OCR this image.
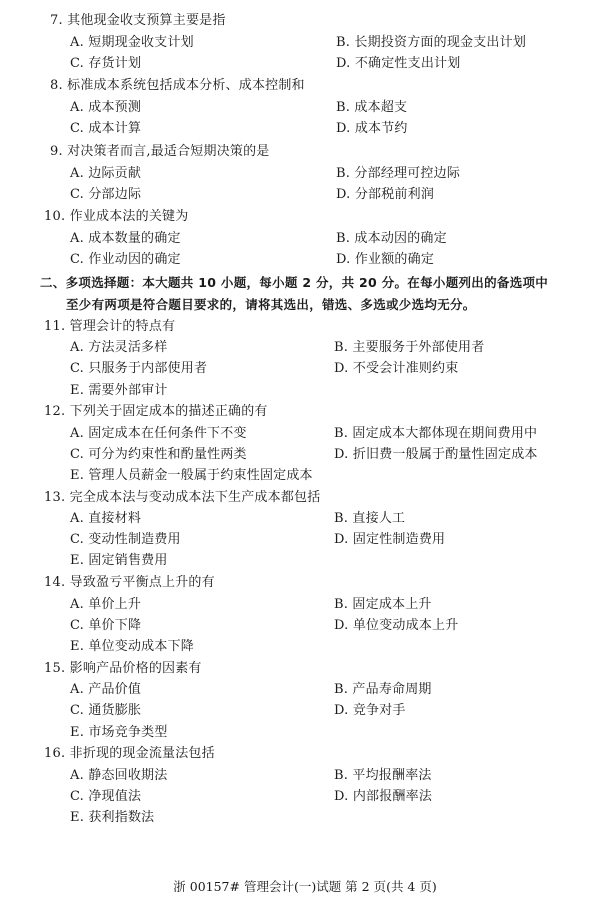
7. 其他现金收支预算主要是指
A. 短期现金收支计划	B. 长期投资方面的现金支出计划
C. 存货计划	D. 不确定性支出计划
8. 标准成本系统包括成本分析、成本控制和
A. 成本预测	B. 成本超支
C. 成本计算	D. 成本节约
9. 对决策者而言,最适合短期决策的是
A. 边际贡献	B. 分部经理可控边际
C. 分部边际	D. 分部税前利润
10. 作业成本法的关键为
A. 成本数量的确定	B. 成本动因的确定
C. 作业动因的确定	D. 作业额的确定
二、多项选择题：本大题共 10 小题，每小题 2 分，共 20 分。在每小题列出的备选项中
至少有两项是符合题目要求的，请将其选出，错选、多选或少选均无分。
11. 管理会计的特点有
A. 方法灵活多样	B. 主要服务于外部使用者
C. 只服务于内部使用者	D. 不受会计准则约束
E. 需要外部审计
12. 下列关于固定成本的描述正确的有
A. 固定成本在任何条件下不变	B. 固定成本大都体现在期间费用中
C. 可分为约束性和酌量性两类	D. 折旧费一般属于酌量性固定成本
E. 管理人员薪金一般属于约束性固定成本
13. 完全成本法与变动成本法下生产成本都包括
A. 直接材料	B. 直接人工
C. 变动性制造费用	D. 固定性制造费用
E. 固定销售费用
14. 导致盈亏平衡点上升的有
A. 单价上升	B. 固定成本上升
C. 单价下降	D. 单位变动成本上升
E. 单位变动成本下降
15. 影响产品价格的因素有
A. 产品价值	B. 产品寿命周期
C. 通货膨胀	D. 竞争对手
E. 市场竞争类型
16. 非折现的现金流量法包括
A. 静态回收期法	B. 平均报酬率法
C. 净现值法	D. 内部报酬率法
E. 获利指数法
浙 00157# 管理会计(一)试题 第 2 页(共 4 页)
